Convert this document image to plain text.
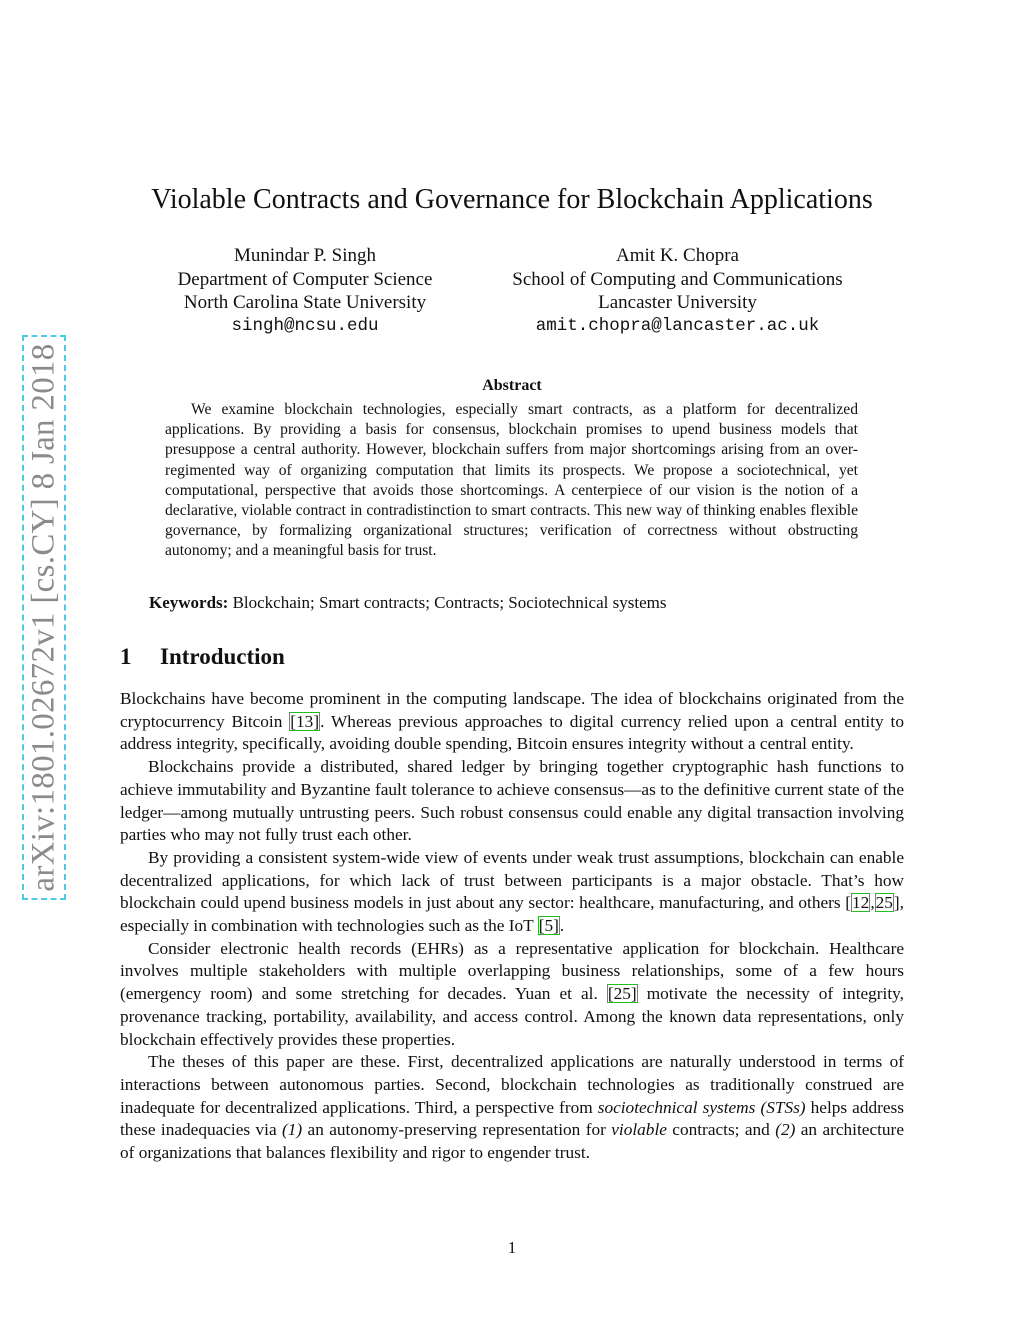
arXiv:1801.02672v1 [cs.CY] 8 Jan 2018
Violable Contracts and Governance for Blockchain Applications
Munindar P. Singh
Department of Computer Science
North Carolina State University
singh@ncsu.edu
Amit K. Chopra
School of Computing and Communications
Lancaster University
amit.chopra@lancaster.ac.uk
Abstract

We examine blockchain technologies, especially smart contracts, as a platform for decentralized applications. By providing a basis for consensus, blockchain promises to upend business models that presuppose a central authority. However, blockchain suffers from major shortcomings arising from an over-regimented way of organizing computation that limits its prospects. We propose a sociotechnical, yet computational, perspective that avoids those shortcomings. A centerpiece of our vision is the notion of a declarative, violable contract in contradistinction to smart contracts. This new way of thinking enables flexible governance, by formalizing organizational structures; verification of correctness without obstructing autonomy; and a meaningful basis for trust.

Keywords: Blockchain; Smart contracts; Contracts; Sociotechnical systems
1 Introduction

Blockchains have become prominent in the computing landscape. The idea of blockchains originated from the cryptocurrency Bitcoin [13]. Whereas previous approaches to digital currency relied upon a central entity to address integrity, specifically, avoiding double spending, Bitcoin ensures integrity without a central entity.

Blockchains provide a distributed, shared ledger by bringing together cryptographic hash functions to achieve immutability and Byzantine fault tolerance to achieve consensus—as to the definitive current state of the ledger—among mutually untrusting peers. Such robust consensus could enable any digital transaction involving parties who may not fully trust each other.

By providing a consistent system-wide view of events under weak trust assumptions, blockchain can enable decentralized applications, for which lack of trust between participants is a major obstacle. That’s how blockchain could upend business models in just about any sector: healthcare, manufacturing, and others [12,25], especially in combination with technologies such as the IoT [5].

Consider electronic health records (EHRs) as a representative application for blockchain. Healthcare involves multiple stakeholders with multiple overlapping business relationships, some of a few hours (emergency room) and some stretching for decades. Yuan et al. [25] motivate the necessity of integrity, provenance tracking, portability, availability, and access control. Among the known data representations, only blockchain effectively provides these properties.

The theses of this paper are these. First, decentralized applications are naturally understood in terms of interactions between autonomous parties. Second, blockchain technologies as traditionally construed are inadequate for decentralized applications. Third, a perspective from sociotechnical systems (STSs) helps address these inadequacies via (1) an autonomy-preserving representation for violable contracts; and (2) an architecture of organizations that balances flexibility and rigor to engender trust.

1
